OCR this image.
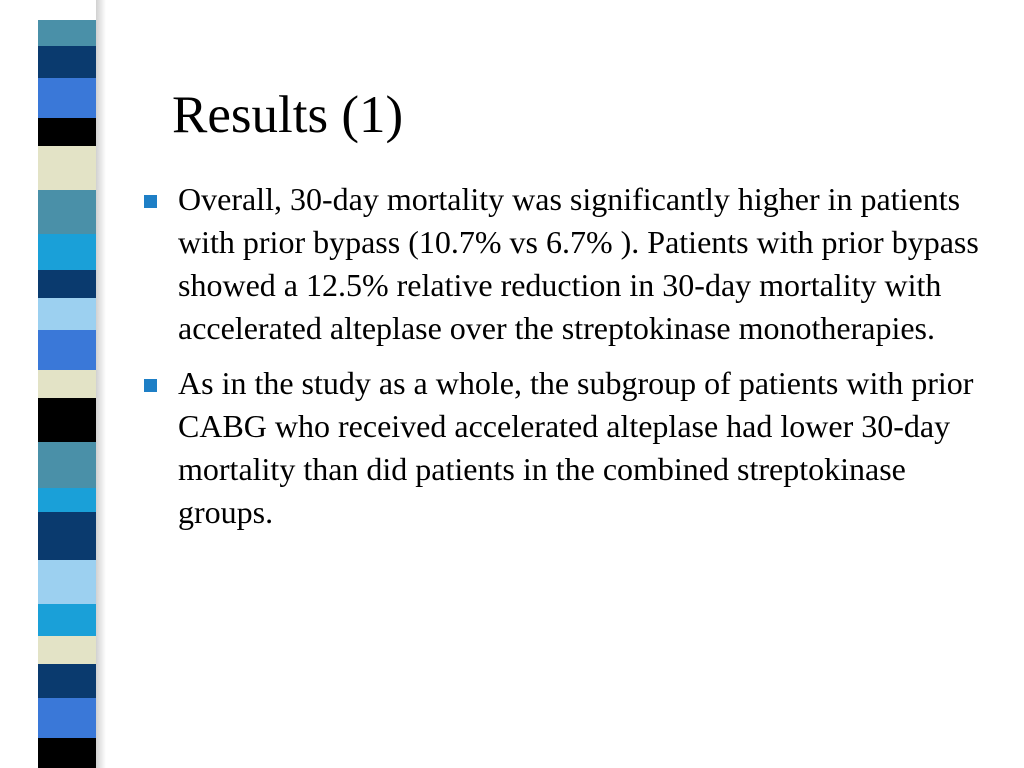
Results (1)
Overall, 30-day mortality was significantly higher in patients with prior bypass (10.7% vs 6.7% ). Patients with prior bypass showed a 12.5% relative reduction in 30-day mortality with accelerated alteplase over the streptokinase monotherapies.
As in the study as a whole, the subgroup of patients with prior CABG who received accelerated alteplase had lower 30-day mortality than did patients in the combined streptokinase groups.
